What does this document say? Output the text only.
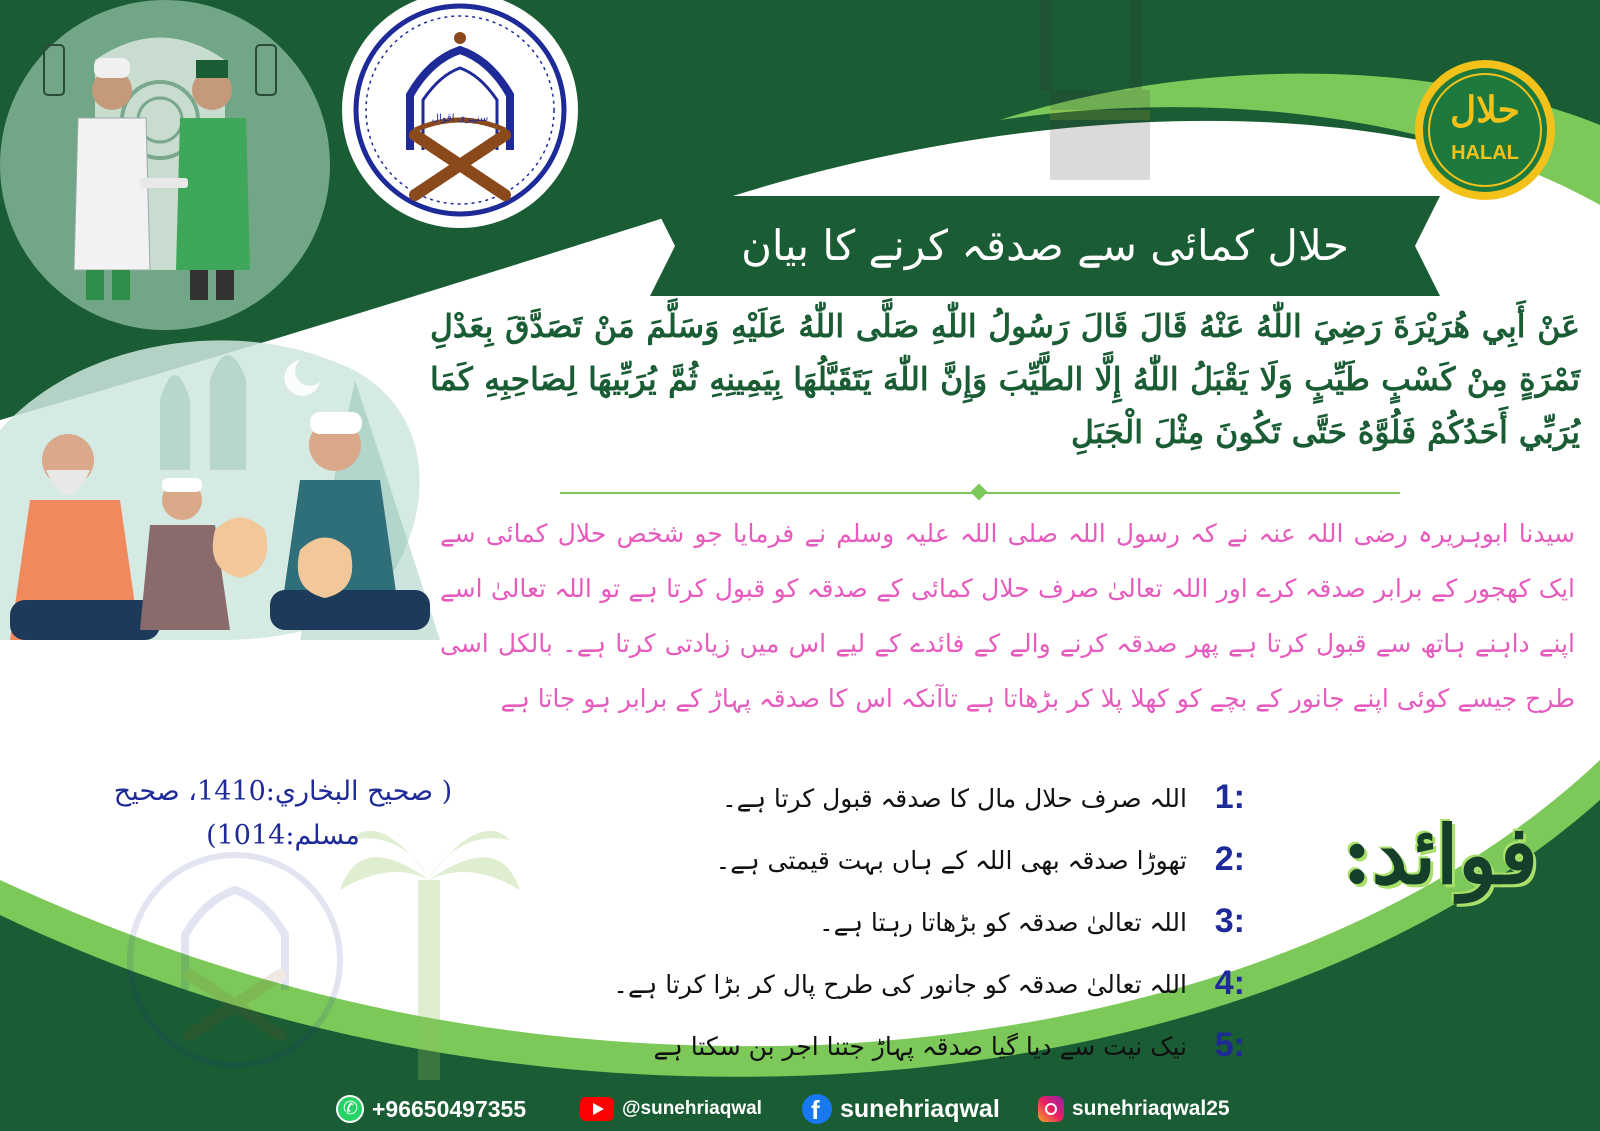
حلال
HALAL
سنہری اقوال
حلال کمائی سے صدقہ کرنے کا بیان
عَنْ أَبِي هُرَيْرَةَ رَضِيَ اللّٰهُ عَنْهُ قَالَ قَالَ رَسُولُ اللّٰهِ صَلَّى اللّٰهُ عَلَيْهِ وَسَلَّمَ مَنْ تَصَدَّقَ بِعَدْلِ تَمْرَةٍ مِنْ كَسْبٍ طَيِّبٍ وَلَا يَقْبَلُ اللّٰهُ إِلَّا الطَّيِّبَ وَإِنَّ اللّٰهَ يَتَقَبَّلُهَا بِيَمِينِهِ ثُمَّ يُرَبِّيهَا لِصَاحِبِهِ كَمَا يُرَبِّي أَحَدُكُمْ فَلُوَّهُ حَتَّى تَكُونَ مِثْلَ الْجَبَلِ
سیدنا ابوہریرہ رضی اللہ عنہ نے کہ رسول اللہ صلی اللہ علیہ وسلم نے فرمایا جو شخص حلال کمائی سے ایک کھجور کے برابر صدقہ کرے اور اللہ تعالیٰ صرف حلال کمائی کے صدقہ کو قبول کرتا ہے تو اللہ تعالیٰ اسے اپنے داہنے ہاتھ سے قبول کرتا ہے پھر صدقہ کرنے والے کے فائدے کے لیے اس میں زیادتی کرتا ہے۔ بالکل اسی طرح جیسے کوئی اپنے جانور کے بچے کو کھلا پلا کر بڑھاتا ہے تاآنکہ اس کا صدقہ پہاڑ کے برابر ہو جاتا ہے
( صحيح البخاري:1410، صحيح مسلم:1014)	فوائد:
1:
اللہ صرف حلال مال کا صدقہ قبول کرتا ہے۔
2:
تھوڑا صدقہ بھی اللہ کے ہاں بہت قیمتی ہے۔
3:
اللہ تعالیٰ صدقہ کو بڑھاتا رہتا ہے۔
4:
اللہ تعالیٰ صدقہ کو جانور کی طرح پال کر بڑا کرتا ہے۔
5:
نیک نیت سے دیا گیا صدقہ پہاڑ جتنا اجر بن سکتا ہے
✆
+96650497355	@sunehriaqwal
f	sunehriaqwal	sunehriaqwal25
